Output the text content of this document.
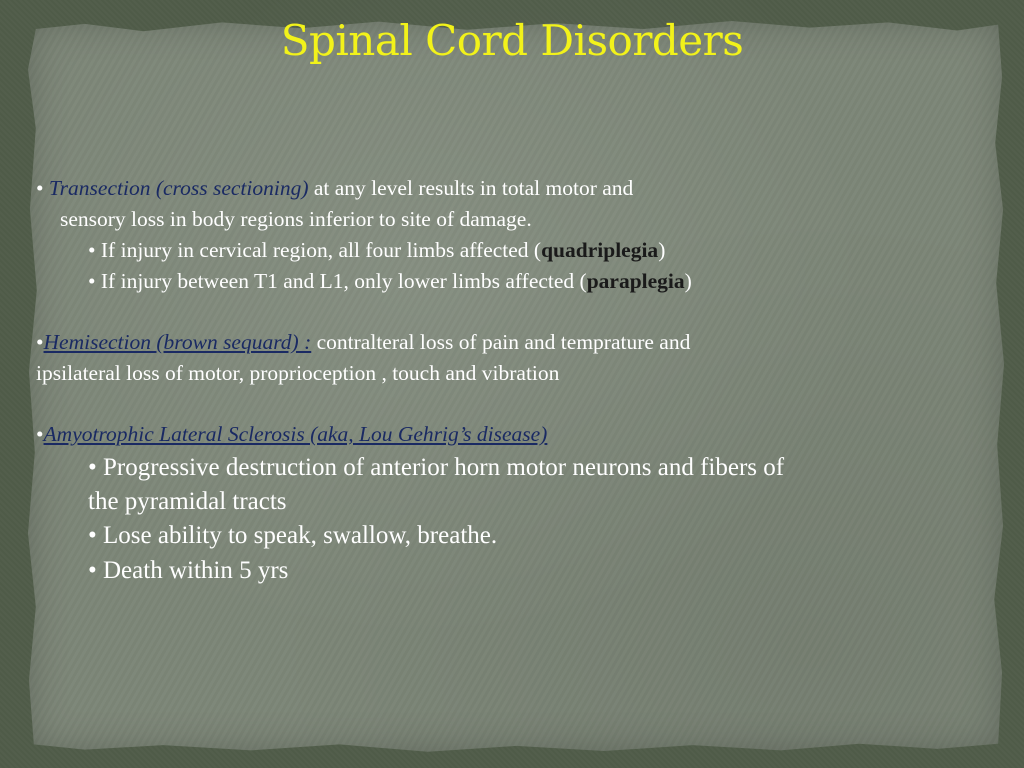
Spinal Cord Disorders
• Transection (cross sectioning) at any level results in total motor and
sensory loss in body regions inferior to site of damage.
• If injury in cervical region, all four limbs affected (quadriplegia)
• If injury between T1 and L1, only lower limbs affected (paraplegia)
•Hemisection (brown sequard) : contralteral loss of pain and temprature and
ipsilateral loss of motor, proprioception , touch and vibration
•Amyotrophic Lateral Sclerosis (aka, Lou Gehrig’s disease)
• Progressive destruction of anterior horn motor neurons and fibers of
the pyramidal tracts
• Lose ability to speak, swallow, breathe.
• Death within 5 yrs
